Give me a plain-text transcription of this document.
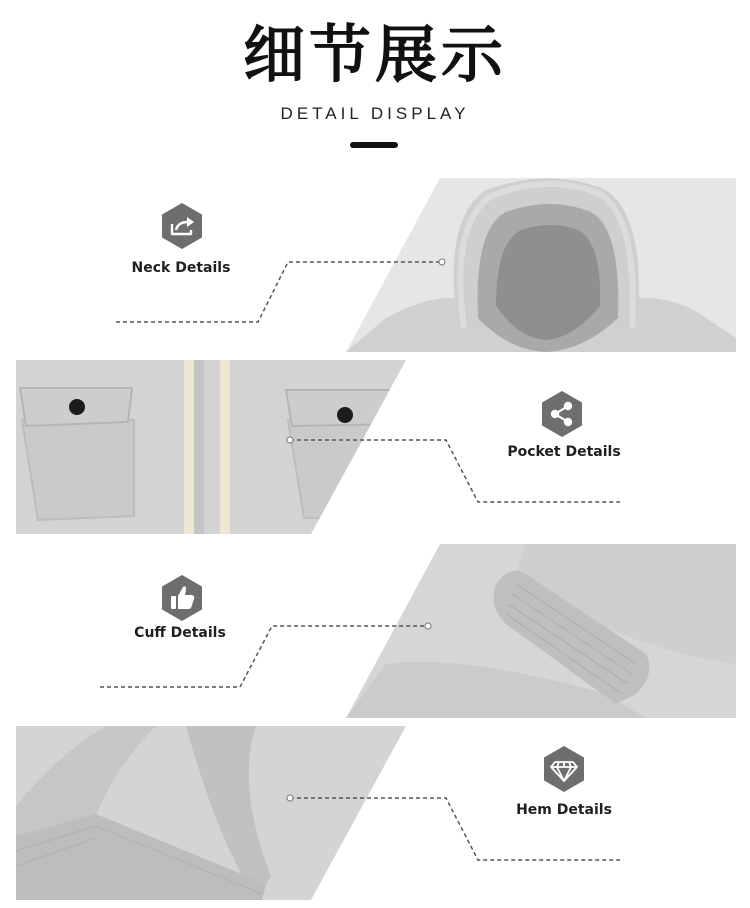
细节展示
DETAIL DISPLAY
Neck Details
Pocket Details
Cuff Details
Hem Details
